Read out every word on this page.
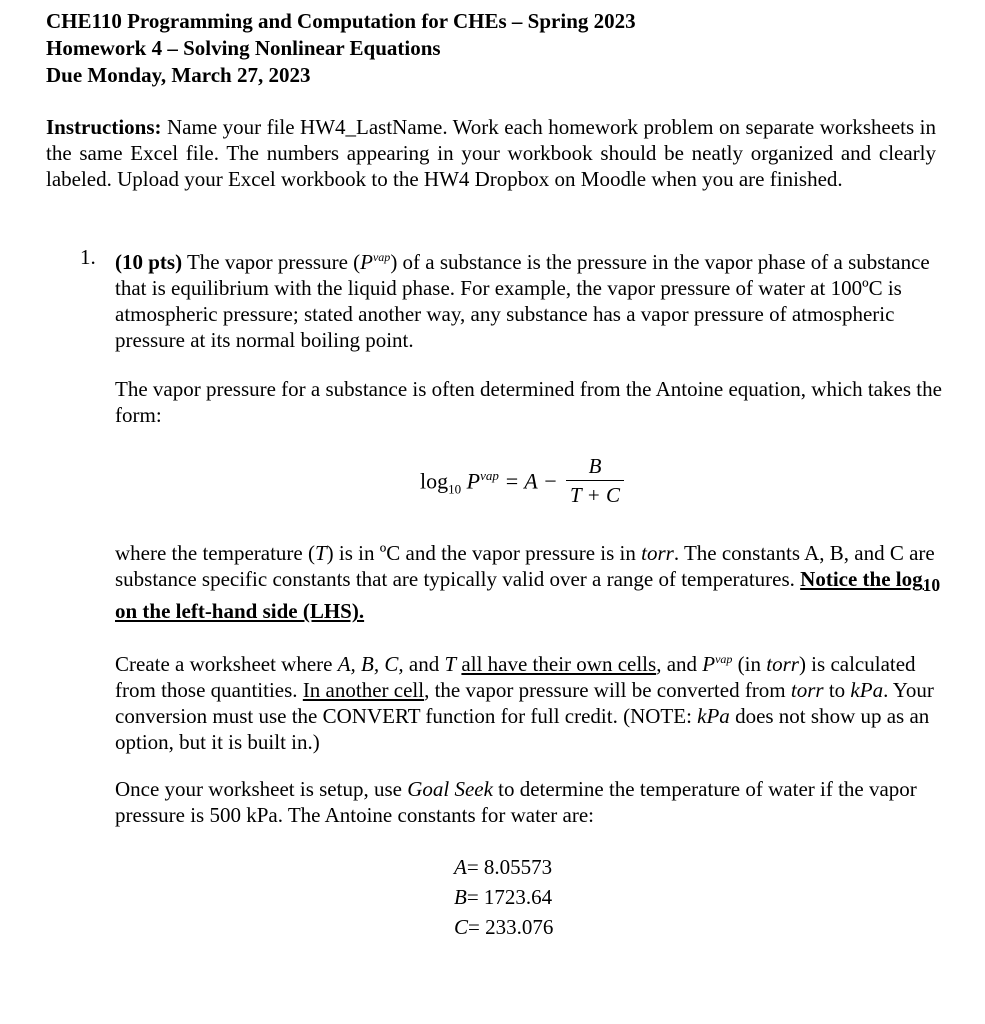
CHE110 Programming and Computation for CHEs – Spring 2023
Homework 4 – Solving Nonlinear Equations
Due Monday, March 27, 2023
Instructions: Name your file HW4_LastName. Work each homework problem on separate worksheets in the same Excel file. The numbers appearing in your workbook should be neatly organized and clearly labeled. Upload your Excel workbook to the HW4 Dropbox on Moodle when you are finished.
1. (10 pts) The vapor pressure $(P^{vap})$ of a substance is the pressure in the vapor phase of a substance that is equilibrium with the liquid phase. For example, the vapor pressure of water at 100ºC is atmospheric pressure; stated another way, any substance has a vapor pressure of atmospheric pressure at its normal boiling point.
The vapor pressure for a substance is often determined from the Antoine equation, which takes the form:
$\log_{10} P^{vap} = A$ −
B
T + C
where the temperature (T) is in ºC and the vapor pressure is in torr. The constants A, B, and C are substance specific constants that are typically valid over a range of temperatures. Notice the $\log_{10}$ on the left-hand side (LHS).
Create a worksheet where A, B, C, and T all have their own cells, and $P^{vap}$ (in torr) is calculated from those quantities. In another cell, the vapor pressure will be converted from torr to kPa. Your conversion must use the CONVERT function for full credit. (NOTE: kPa does not show up as an option, but it is built in.)
Once your worksheet is setup, use Goal Seek to determine the temperature of water if the vapor pressure is 500 kPa. The Antoine constants for water are:
A= 8.05573
B= 1723.64
C= 233.076
